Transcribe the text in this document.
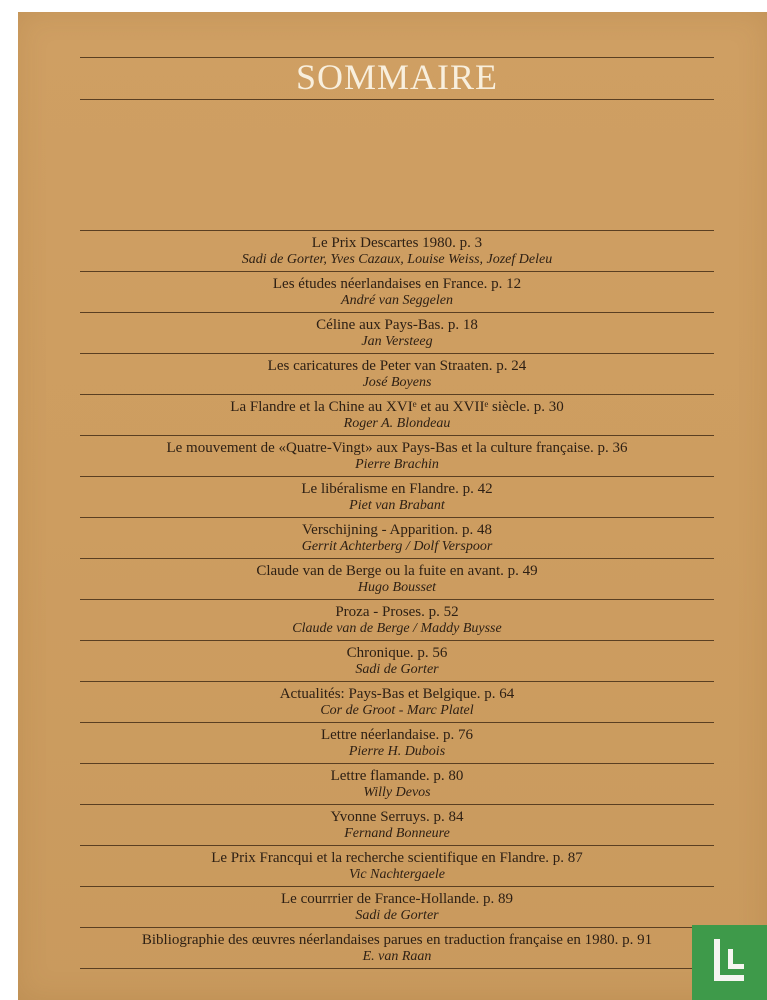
SOMMAIRE
Le Prix Descartes 1980. p. 3
Sadi de Gorter, Yves Cazaux, Louise Weiss, Jozef Deleu
Les études néerlandaises en France. p. 12
André van Seggelen
Céline aux Pays-Bas. p. 18
Jan Versteeg
Les caricatures de Peter van Straaten. p. 24
José Boyens
La Flandre et la Chine au XVIᵉ et au XVIIᵉ siècle. p. 30
Roger A. Blondeau
Le mouvement de «Quatre-Vingt» aux Pays-Bas et la culture française. p. 36
Pierre Brachin
Le libéralisme en Flandre. p. 42
Piet van Brabant
Verschijning - Apparition. p. 48
Gerrit Achterberg / Dolf Verspoor
Claude van de Berge ou la fuite en avant. p. 49
Hugo Bousset
Proza - Proses. p. 52
Claude van de Berge / Maddy Buysse
Chronique. p. 56
Sadi de Gorter
Actualités: Pays-Bas et Belgique. p. 64
Cor de Groot - Marc Platel
Lettre néerlandaise. p. 76
Pierre H. Dubois
Lettre flamande. p. 80
Willy Devos
Yvonne Serruys. p. 84
Fernand Bonneure
Le Prix Francqui et la recherche scientifique en Flandre. p. 87
Vic Nachtergaele
Le courrrier de France-Hollande. p. 89
Sadi de Gorter
Bibliographie des œuvres néerlandaises parues en traduction française en 1980. p. 91
E. van Raan
